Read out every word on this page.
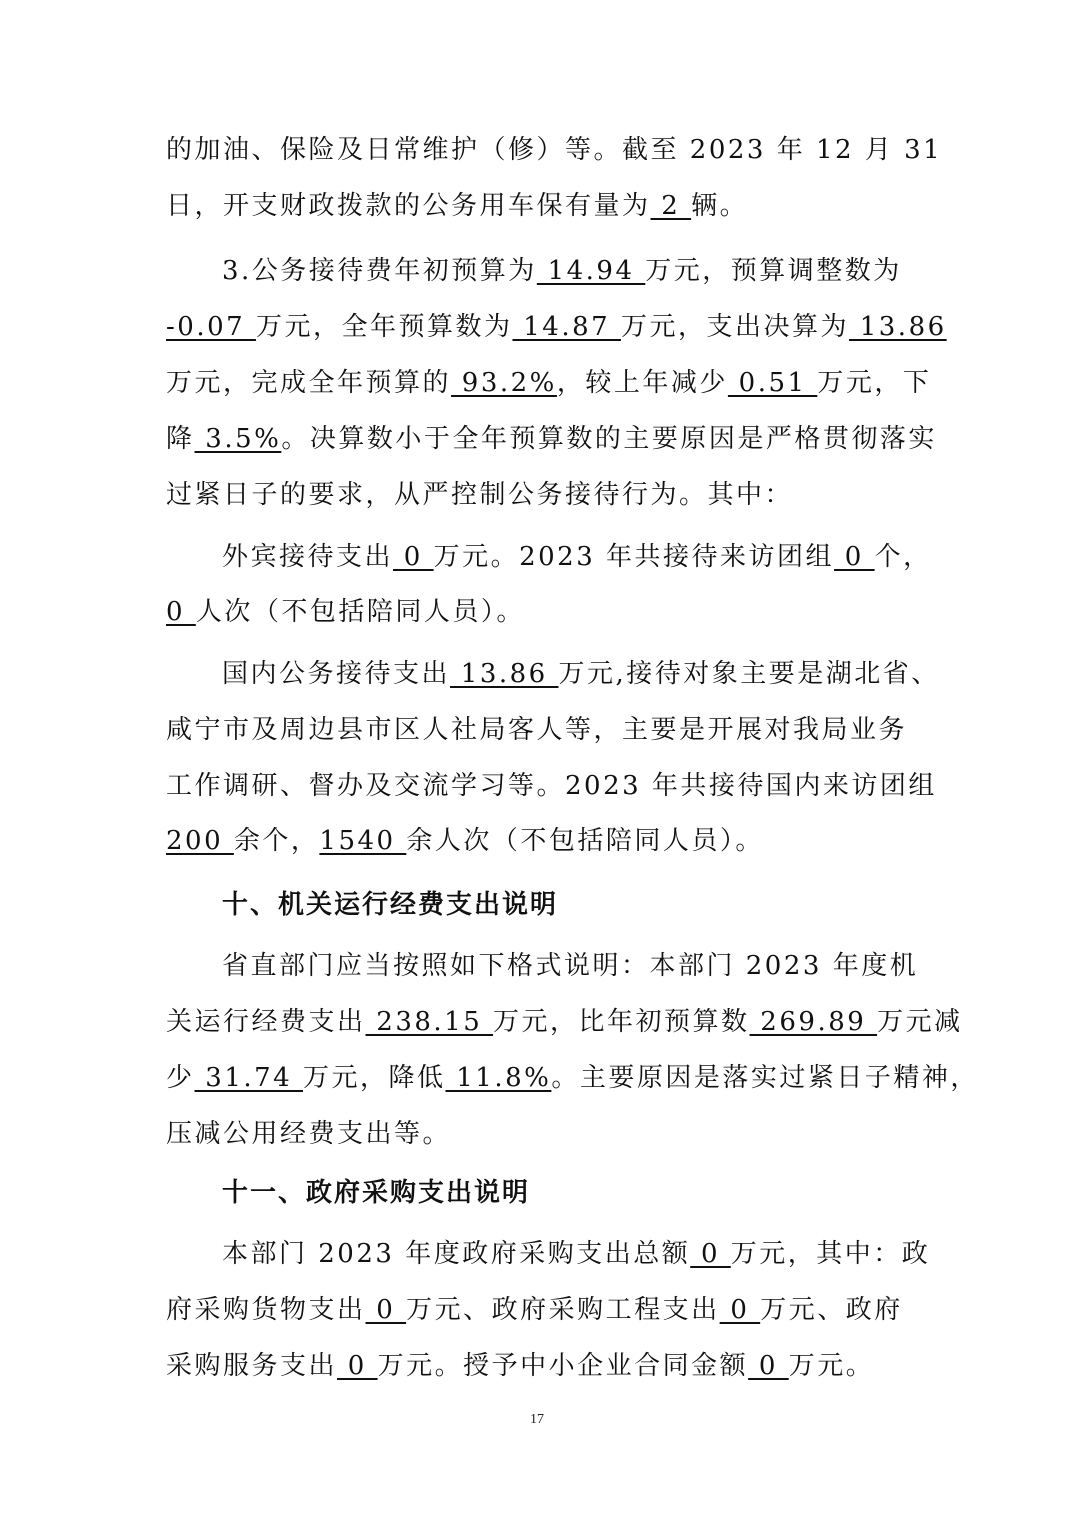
的加油、保险及日常维护（修）等。截至 2023 年 12 月 31
日，开支财政拨款的公务用车保有量为 2 辆。
3.公务接待费年初预算为 14.94 万元，预算调整数为
-0.07 万元，全年预算数为 14.87 万元，支出决算为 13.86
万元，完成全年预算的 93.2%，较上年减少 0.51 万元，下
降 3.5%。决算数小于全年预算数的主要原因是严格贯彻落实
过紧日子的要求，从严控制公务接待行为。其中：
外宾接待支出 0 万元。2023 年共接待来访团组 0 个，
0 人次（不包括陪同人员）。
国内公务接待支出 13.86 万元,接待对象主要是湖北省、
咸宁市及周边县市区人社局客人等，主要是开展对我局业务
工作调研、督办及交流学习等。2023 年共接待国内来访团组
200 余个，1540 余人次（不包括陪同人员）。
十、机关运行经费支出说明
省直部门应当按照如下格式说明：本部门 2023 年度机
关运行经费支出 238.15 万元，比年初预算数 269.89 万元减
少 31.74 万元，降低 11.8%。主要原因是落实过紧日子精神，
压减公用经费支出等。
十一、政府采购支出说明
本部门 2023 年度政府采购支出总额 0 万元，其中：政
府采购货物支出 0 万元、政府采购工程支出 0 万元、政府
采购服务支出 0 万元。授予中小企业合同金额 0 万元。
17
